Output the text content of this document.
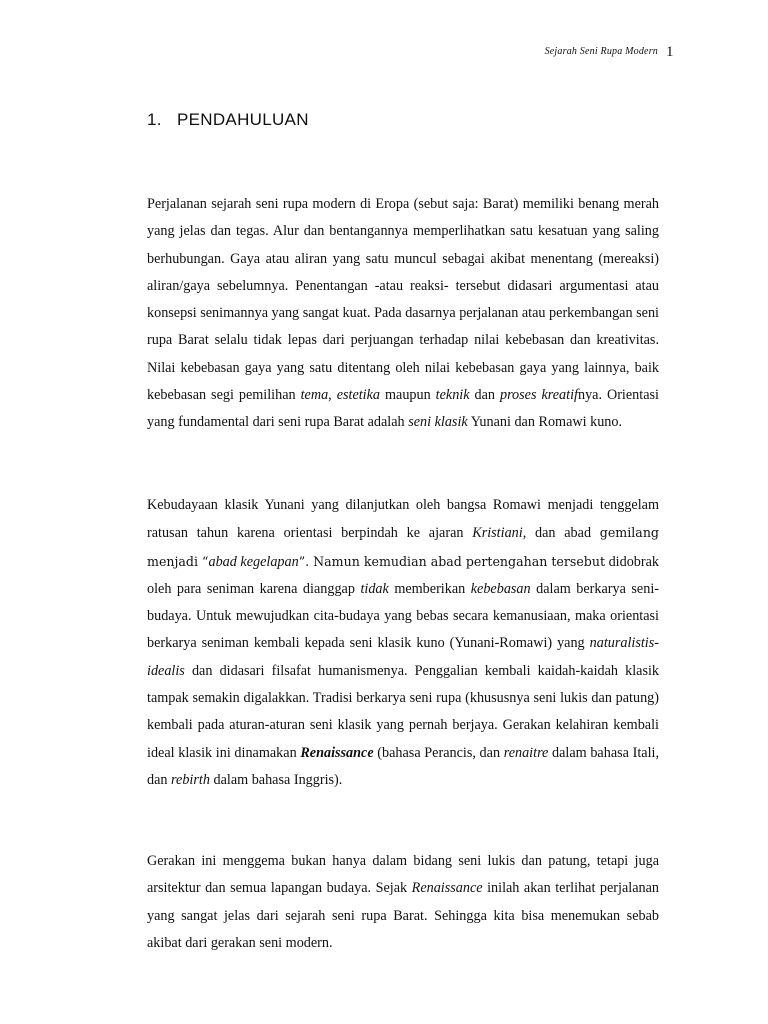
Sejarah Seni Rupa Modern 1
1. PENDAHULUAN

Perjalanan sejarah seni rupa modern di Eropa (sebut saja: Barat) memiliki benang merah yang jelas dan tegas. Alur dan bentangannya memperlihatkan satu kesatuan yang saling berhubungan. Gaya atau aliran yang satu muncul sebagai akibat menentang (mereaksi) aliran/gaya sebelumnya. Penentangan -atau reaksi- tersebut didasari argumentasi atau konsepsi senimannya yang sangat kuat. Pada dasarnya perjalanan atau perkembangan seni rupa Barat selalu tidak lepas dari perjuangan terhadap nilai kebebasan dan kreativitas. Nilai kebebasan gaya yang satu ditentang oleh nilai kebebasan gaya yang lainnya, baik kebebasan segi pemilihan tema, estetika maupun teknik dan proses kreatifnya. Orientasi yang fundamental dari seni rupa Barat adalah seni klasik Yunani dan Romawi kuno.

Kebudayaan klasik Yunani yang dilanjutkan oleh bangsa Romawi menjadi tenggelam ratusan tahun karena orientasi berpindah ke ajaran Kristiani, dan abad gemilang menjadi “abad kegelapan”. Namun kemudian abad pertengahan tersebut didobrak oleh para seniman karena dianggap tidak memberikan kebebasan dalam berkarya seni-budaya. Untuk mewujudkan cita-budaya yang bebas secara kemanusiaan, maka orientasi berkarya seniman kembali kepada seni klasik kuno (Yunani-Romawi) yang naturalistis-idealis dan didasari filsafat humanismenya. Penggalian kembali kaidah-kaidah klasik tampak semakin digalakkan. Tradisi berkarya seni rupa (khususnya seni lukis dan patung) kembali pada aturan-aturan seni klasik yang pernah berjaya. Gerakan kelahiran kembali ideal klasik ini dinamakan Renaissance (bahasa Perancis, dan renaitre dalam bahasa Itali, dan rebirth dalam bahasa Inggris).

Gerakan ini menggema bukan hanya dalam bidang seni lukis dan patung, tetapi juga arsitektur dan semua lapangan budaya. Sejak Renaissance inilah akan terlihat perjalanan yang sangat jelas dari sejarah seni rupa Barat. Sehingga kita bisa menemukan sebab akibat dari gerakan seni modern.
